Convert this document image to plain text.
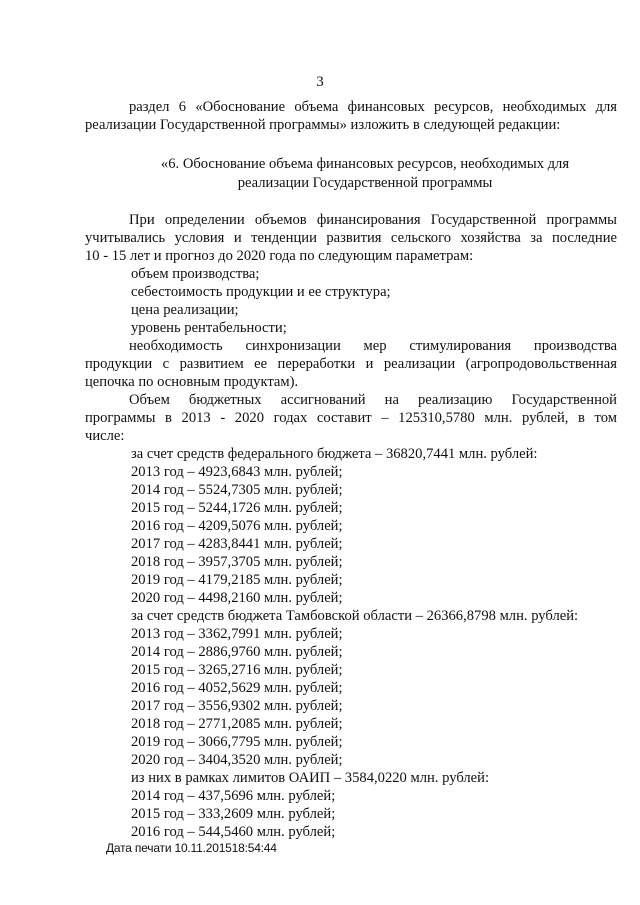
3
раздел 6 «Обоснование объема финансовых ресурсов, необходимых для
реализации Государственной программы» изложить в следующей редакции:
«6. Обоснование объема финансовых ресурсов, необходимых для
реализации Государственной программы
При определении объемов финансирования Государственной программы
учитывались условия и тенденции развития сельского хозяйства за последние
10 - 15 лет и прогноз до 2020 года по следующим параметрам:
объем производства;
себестоимость продукции и ее структура;
цена реализации;
уровень рентабельности;
необходимость синхронизации мер стимулирования производства
продукции с развитием ее переработки и реализации (агропродовольственная
цепочка по основным продуктам).
Объем бюджетных ассигнований на реализацию Государственной
программы в 2013 - 2020 годах составит – 125310,5780 млн. рублей, в том
числе:
за счет средств федерального бюджета – 36820,7441 млн. рублей:
2013 год – 4923,6843 млн. рублей;
2014 год – 5524,7305 млн. рублей;
2015 год – 5244,1726 млн. рублей;
2016 год – 4209,5076 млн. рублей;
2017 год – 4283,8441 млн. рублей;
2018 год – 3957,3705 млн. рублей;
2019 год – 4179,2185 млн. рублей;
2020 год – 4498,2160 млн. рублей;
за счет средств бюджета Тамбовской области – 26366,8798 млн. рублей:
2013 год – 3362,7991 млн. рублей;
2014 год – 2886,9760 млн. рублей;
2015 год – 3265,2716 млн. рублей;
2016 год – 4052,5629 млн. рублей;
2017 год – 3556,9302 млн. рублей;
2018 год – 2771,2085 млн. рублей;
2019 год – 3066,7795 млн. рублей;
2020 год – 3404,3520 млн. рублей;
из них в рамках лимитов ОАИП – 3584,0220 млн. рублей:
2014 год – 437,5696 млн. рублей;
2015 год – 333,2609 млн. рублей;
2016 год – 544,5460 млн. рублей;
Дата печати 10.11.201518:54:44
